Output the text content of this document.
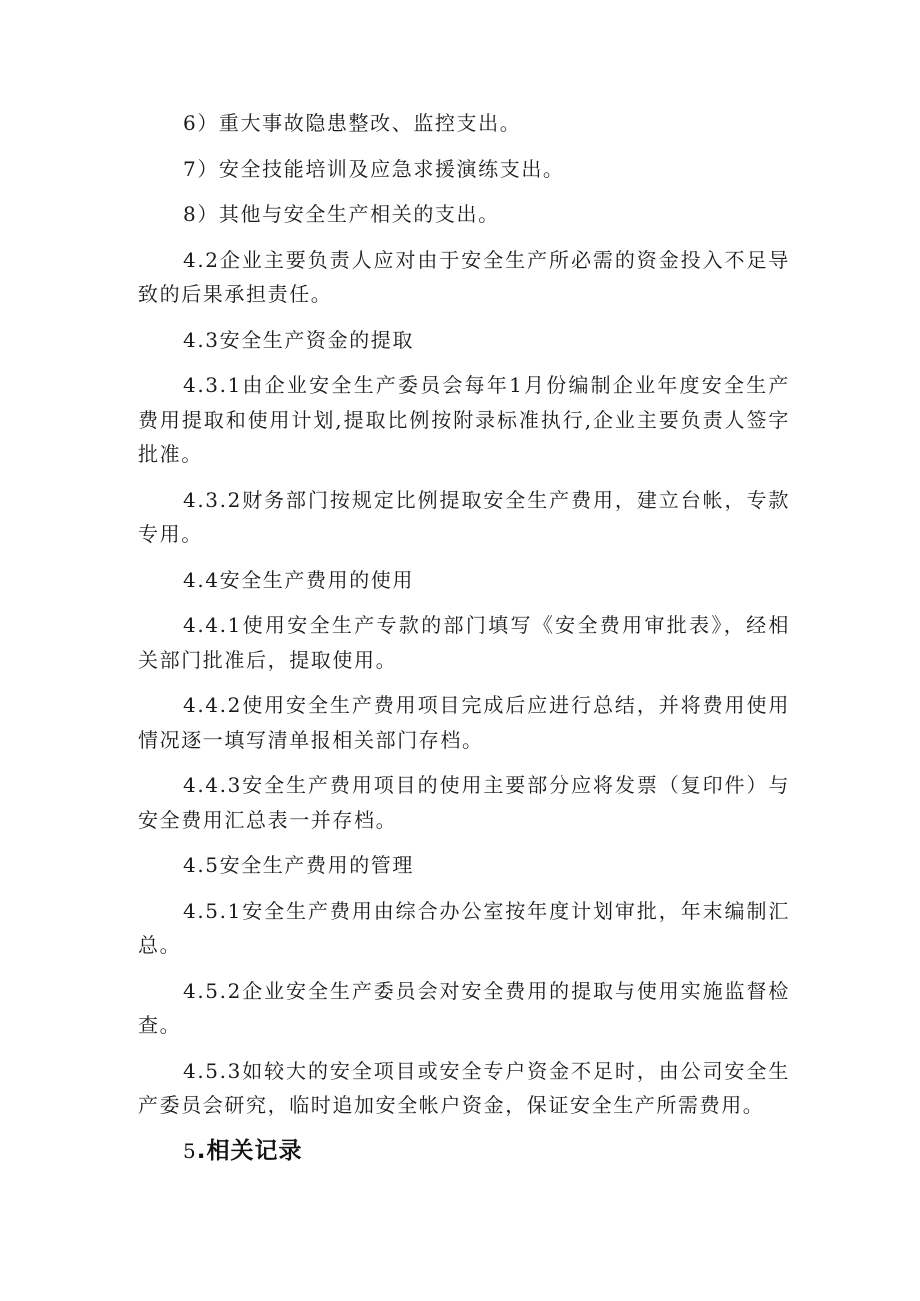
6）重大事故隐患整改、监控支出。

7）安全技能培训及应急求援演练支出。

8）其他与安全生产相关的支出。

4.2企业主要负责人应对由于安全生产所必需的资金投入不足导致的后果承担责任。

4.3安全生产资金的提取

4.3.1由企业安全生产委员会每年1月份编制企业年度安全生产费用提取和使用计划,提取比例按附录标准执行,企业主要负责人签字批准。

4.3.2财务部门按规定比例提取安全生产费用，建立台帐，专款专用。

4.4安全生产费用的使用

4.4.1使用安全生产专款的部门填写《安全费用审批表》，经相关部门批准后，提取使用。

4.4.2使用安全生产费用项目完成后应进行总结，并将费用使用情况逐一填写清单报相关部门存档。

4.4.3安全生产费用项目的使用主要部分应将发票（复印件）与安全费用汇总表一并存档。

4.5安全生产费用的管理

4.5.1安全生产费用由综合办公室按年度计划审批，年末编制汇总。

4.5.2企业安全生产委员会对安全费用的提取与使用实施监督检查。

4.5.3如较大的安全项目或安全专户资金不足时，由公司安全生产委员会研究，临时追加安全帐户资金，保证安全生产所需费用。

5.相关记录
